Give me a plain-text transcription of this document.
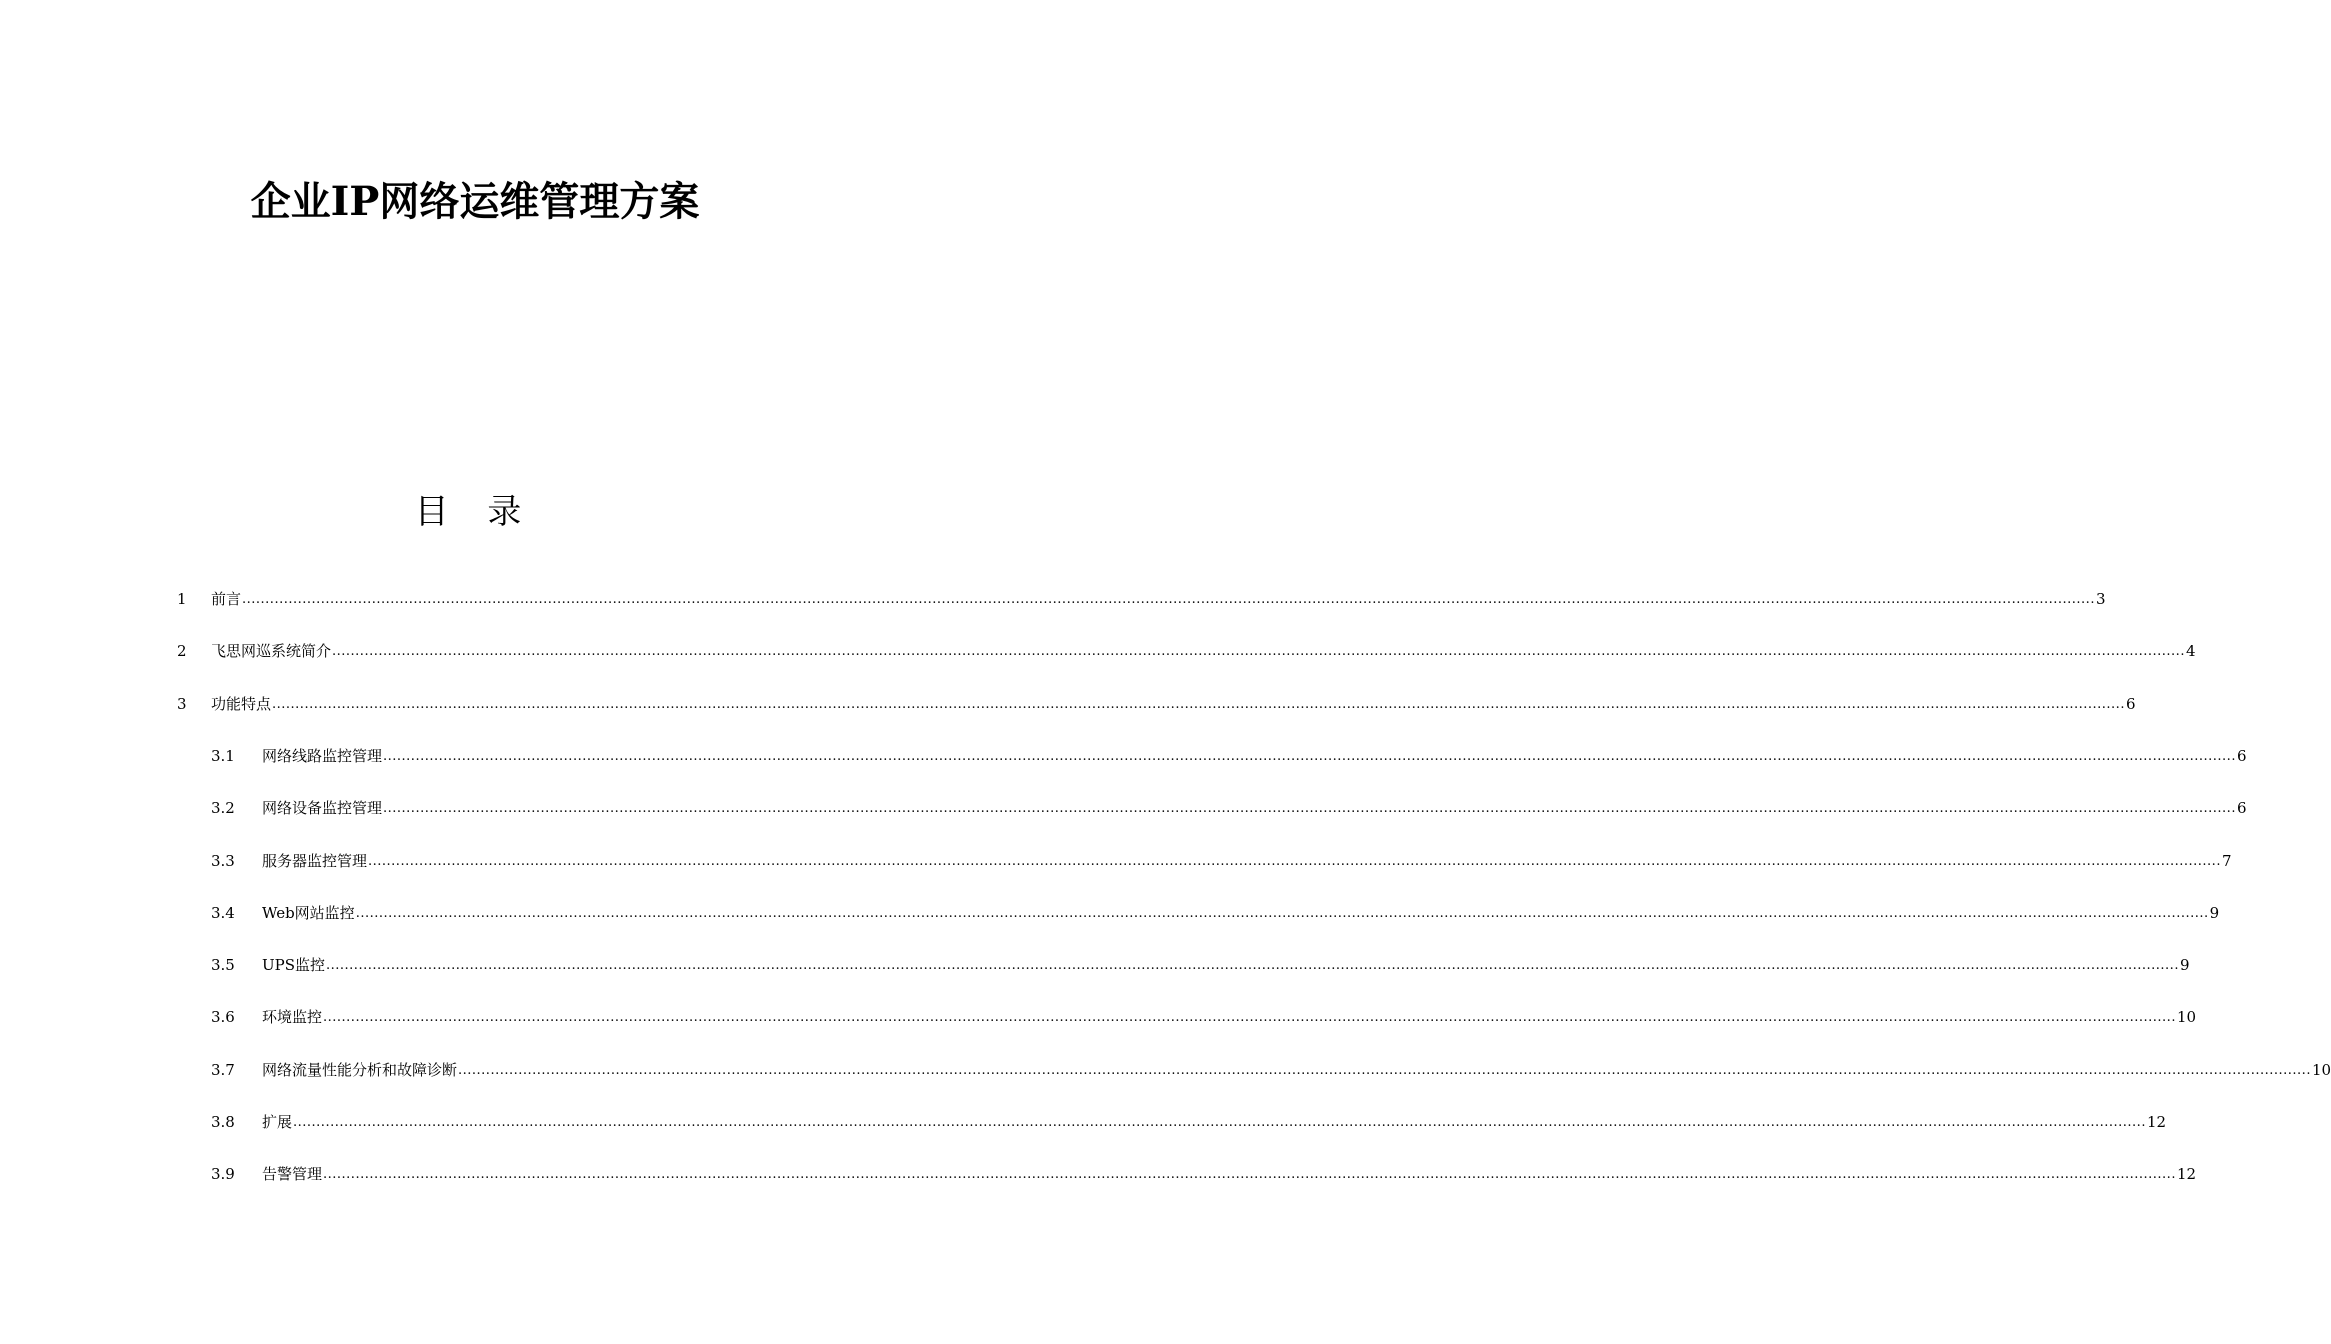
企业IP网络运维管理方案
目 录
1 前言 ................................................................................................................................................................................................................................................................................................................................................................................................................ 3
2 飞思网巡系统简介 ................................................................................................................................................................................................................................................................................................................................................................................................................ 4
3 功能特点 ................................................................................................................................................................................................................................................................................................................................................................................................................ 6
3.1 网络线路监控管理 ................................................................................................................................................................................................................................................................................................................................................................................................................ 6
3.2 网络设备监控管理 ................................................................................................................................................................................................................................................................................................................................................................................................................ 6
3.3 服务器监控管理 ................................................................................................................................................................................................................................................................................................................................................................................................................ 7
3.4 Web网站监控 ................................................................................................................................................................................................................................................................................................................................................................................................................ 9
3.5 UPS监控 ................................................................................................................................................................................................................................................................................................................................................................................................................ 9
3.6 环境监控 ................................................................................................................................................................................................................................................................................................................................................................................................................ 10
3.7 网络流量性能分析和故障诊断 ................................................................................................................................................................................................................................................................................................................................................................................................................ 10
3.8 扩展 ................................................................................................................................................................................................................................................................................................................................................................................................................ 12
3.9 告警管理 ................................................................................................................................................................................................................................................................................................................................................................................................................ 12
